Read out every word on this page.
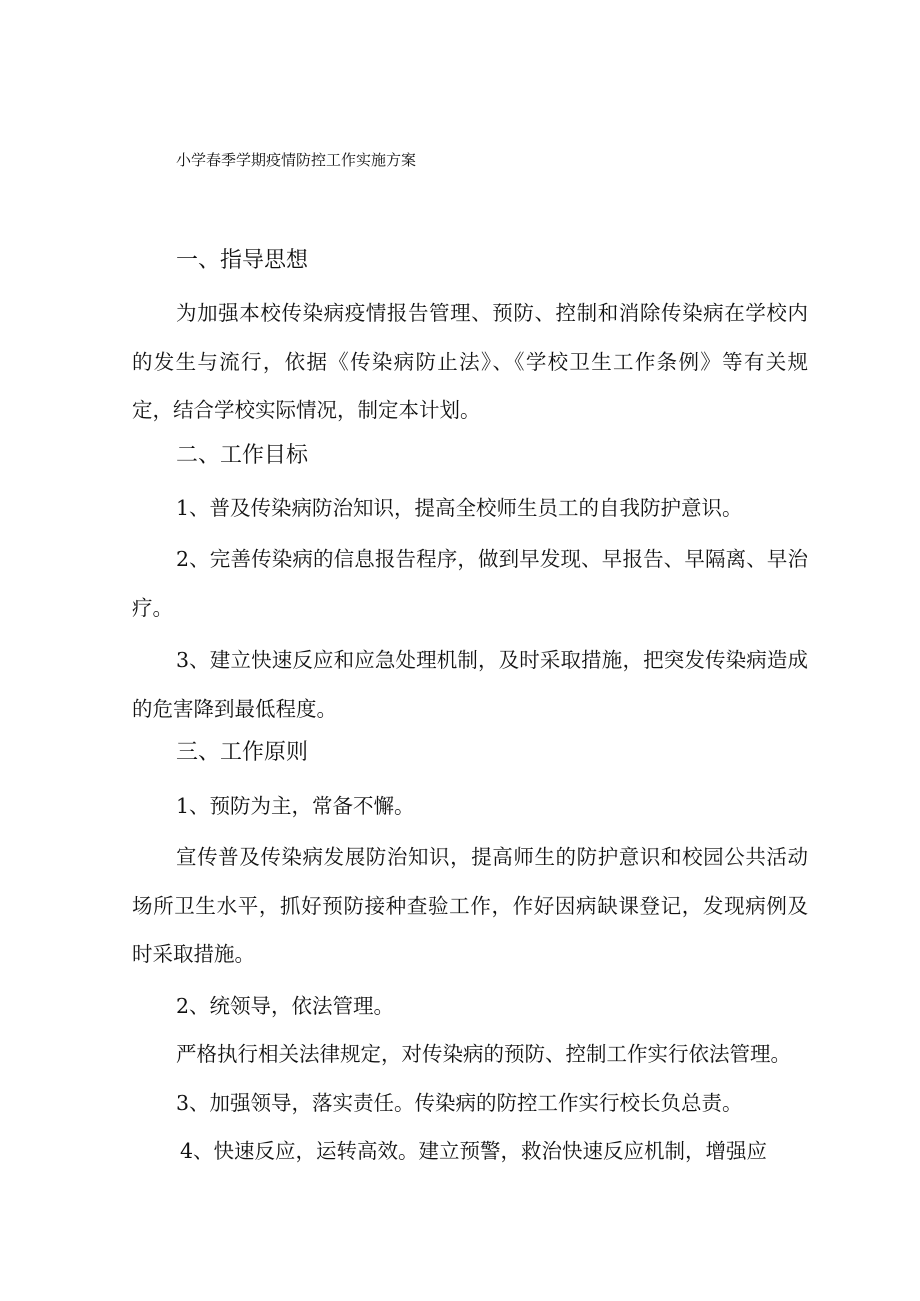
小学春季学期疫情防控工作实施方案
一、指导思想
为加强本校传染病疫情报告管理、预防、控制和消除传染病在学校内的发生与流行，依据《传染病防止法》、《学校卫生工作条例》等有关规定，结合学校实际情况，制定本计划。
二、工作目标
1、普及传染病防治知识，提高全校师生员工的自我防护意识。
2、完善传染病的信息报告程序，做到早发现、早报告、早隔离、早治疗。
3、建立快速反应和应急处理机制，及时采取措施，把突发传染病造成的危害降到最低程度。
三、工作原则
1、预防为主，常备不懈。
宣传普及传染病发展防治知识，提高师生的防护意识和校园公共活动场所卫生水平，抓好预防接种查验工作，作好因病缺课登记，发现病例及时采取措施。
2、统领导，依法管理。
严格执行相关法律规定，对传染病的预防、控制工作实行依法管理。
3、加强领导，落实责任。传染病的防控工作实行校长负总责。
4、快速反应，运转高效。建立预警，救治快速反应机制，增强应
